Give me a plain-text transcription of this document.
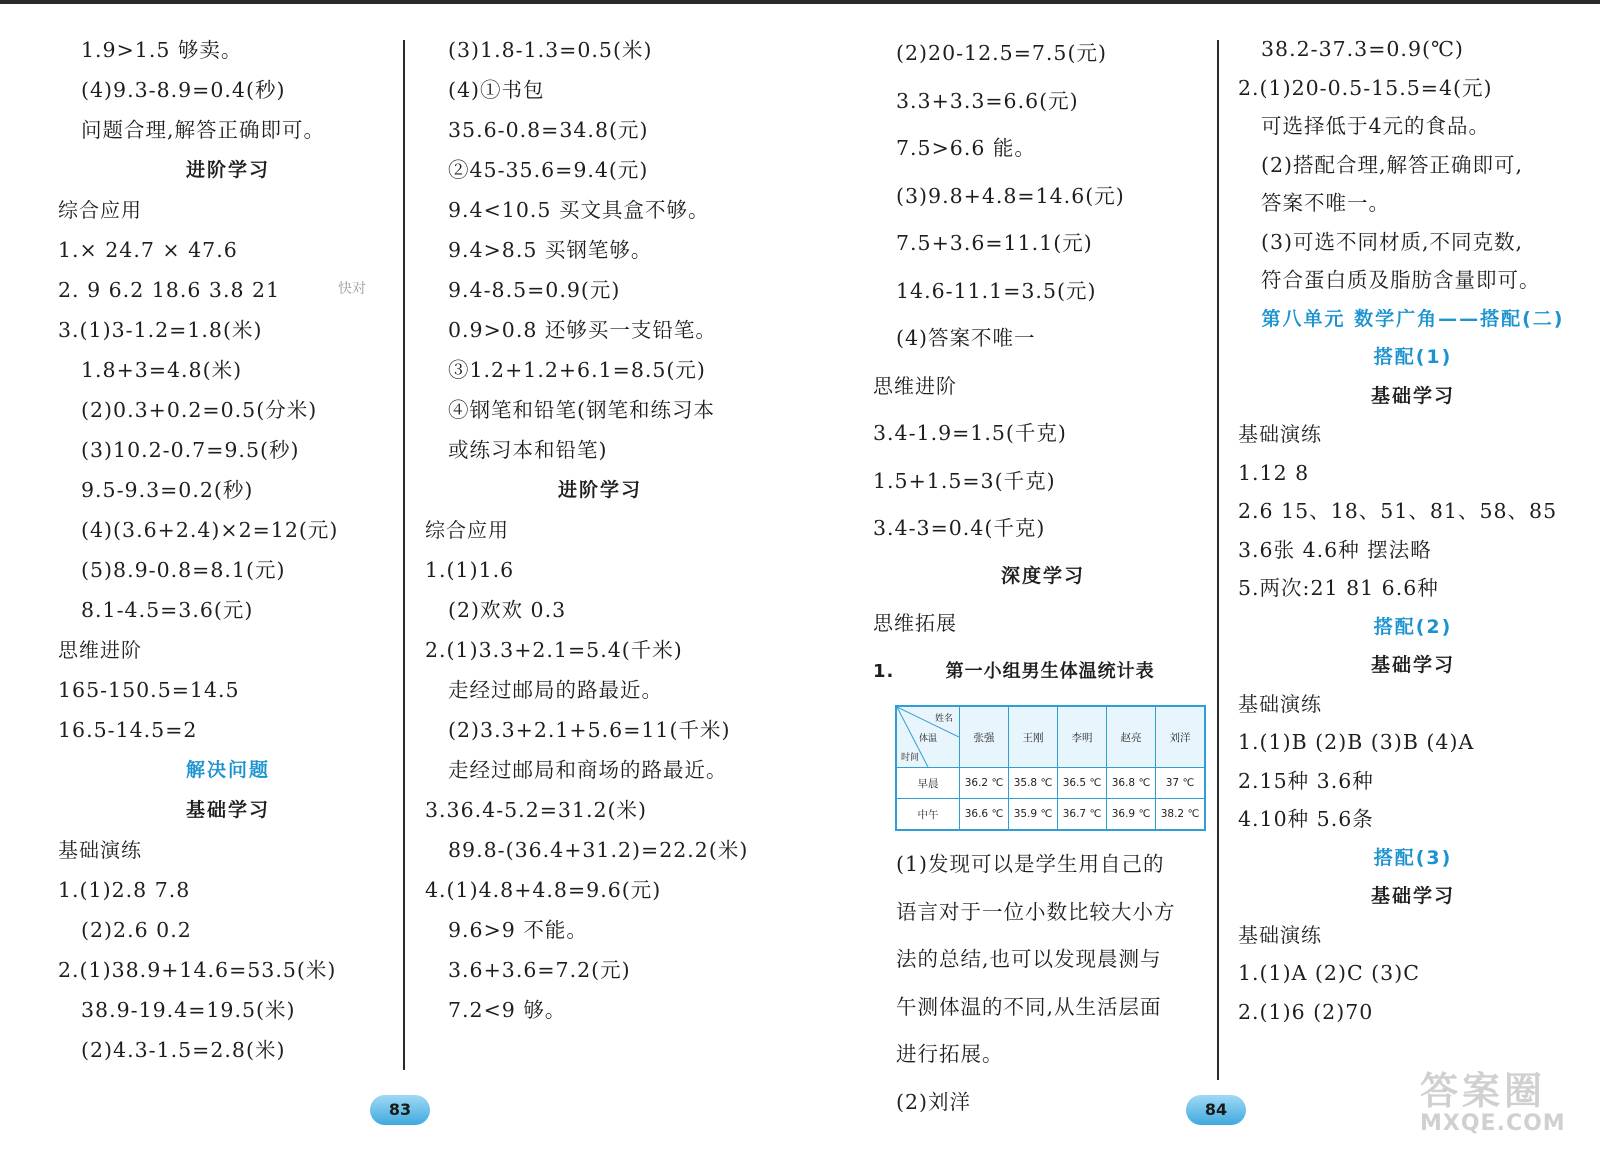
1.9>1.5 够卖。
(4)9.3-8.9=0.4(秒)
问题合理,解答正确即可。
进阶学习
综合应用
1.× 24.7 × 47.6
2. 9 6.2 18.6 3.8 21
3.(1)3-1.2=1.8(米)
1.8+3=4.8(米)
(2)0.3+0.2=0.5(分米)
(3)10.2-0.7=9.5(秒)
9.5-9.3=0.2(秒)
(4)(3.6+2.4)×2=12(元)
(5)8.9-0.8=8.1(元)
8.1-4.5=3.6(元)
思维进阶
165-150.5=14.5
16.5-14.5=2
解决问题
基础学习
基础演练
1.(1)2.8 7.8
(2)2.6 0.2
2.(1)38.9+14.6=53.5(米)
38.9-19.4=19.5(米)
(2)4.3-1.5=2.8(米)
(3)1.8-1.3=0.5(米)
(4)①书包
35.6-0.8=34.8(元)
②45-35.6=9.4(元)
9.4<10.5 买文具盒不够。
9.4>8.5 买钢笔够。
9.4-8.5=0.9(元)
0.9>0.8 还够买一支铅笔。
③1.2+1.2+6.1=8.5(元)
④钢笔和铅笔(钢笔和练习本
或练习本和铅笔)
进阶学习
综合应用
1.(1)1.6
(2)欢欢 0.3
2.(1)3.3+2.1=5.4(千米)
走经过邮局的路最近。
(2)3.3+2.1+5.6=11(千米)
走经过邮局和商场的路最近。
3.36.4-5.2=31.2(米)
89.8-(36.4+31.2)=22.2(米)
4.(1)4.8+4.8=9.6(元)
9.6>9 不能。
3.6+3.6=7.2(元)
7.2<9 够。
(2)20-12.5=7.5(元)
3.3+3.3=6.6(元)
7.5>6.6 能。
(3)9.8+4.8=14.6(元)
7.5+3.6=11.1(元)
14.6-11.1=3.5(元)
(4)答案不唯一
思维进阶
3.4-1.9=1.5(千克)
1.5+1.5=3(千克)
3.4-3=0.4(千克)
深度学习
思维拓展
1.	第一小组男生体温统计表
姓名
体温
时间	张强	王刚	李明	赵亮	刘洋

早晨	36.2 ℃	35.8 ℃	36.5 ℃	36.8 ℃	37 ℃
中午	36.6 ℃	35.9 ℃	36.7 ℃	36.9 ℃	38.2 ℃
(1)发现可以是学生用自己的
语言对于一位小数比较大小方
法的总结,也可以发现晨测与
午测体温的不同,从生活层面
进行拓展。
(2)刘洋
38.2-37.3=0.9(℃)
2.(1)20-0.5-15.5=4(元)
可选择低于4元的食品。
(2)搭配合理,解答正确即可,
答案不唯一。
(3)可选不同材质,不同克数,
符合蛋白质及脂肪含量即可。
第八单元 数学广角——搭配(二)
搭配(1)
基础学习
基础演练
1.12 8
2.6 15、18、51、81、58、85
3.6张 4.6种 摆法略
5.两次:21 81 6.6种
搭配(2)
基础学习
基础演练
1.(1)B (2)B (3)B (4)A
2.15种 3.6种
4.10种 5.6条
搭配(3)
基础学习
基础演练
1.(1)A (2)C (3)C
2.(1)6 (2)70
快对
83	84	答案圈
MXQE.COM
